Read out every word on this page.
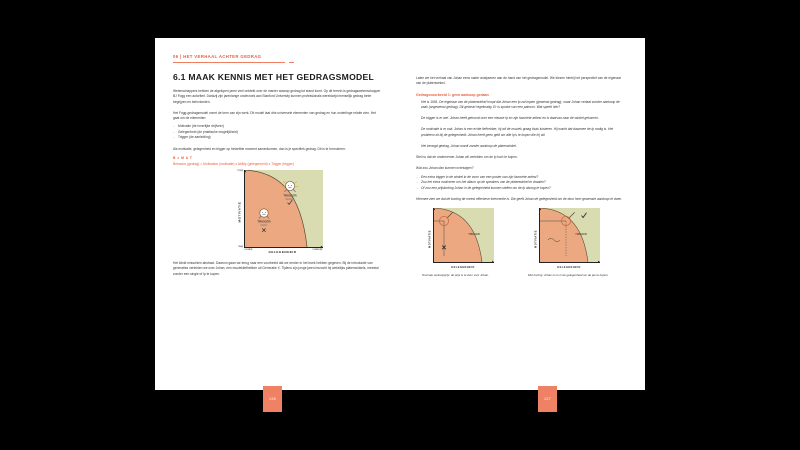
06 | HET VERHAAL ACHTER GEDRAG
6.1 MAAK KENNIS MET HET GEDRAGSMODEL

Wetenschappers hebben de afgelopen jaren veel ontdekt over de manier waarop gedrag tot stand komt. Op dit terrein is gedragswetenschapper BJ Fogg een autoriteit. Dankzij zijn jarenlange onderzoek aan Stanford University kunnen professionals wereldwijd menselijk gedrag beter begrijpen en beïnvloeden.

Het Fogg-gedragsmodel vormt de kern van zijn werk. Dit model laat drie universele elementen van gedrag en hun onderlinge relatie zien. Het gaat om de elementen:

- Motivatie (de innerlijke drijfveer)
- Gelegenheid (de praktische mogelijkheid)
- Trigger (de aanleiding)

Als motivatie, gelegenheid en trigger op hetzelfde moment samenkomen, dan is je specifiek gedrag. Dit is te formuleren:

B = M A T
Behavior (gedrag) = Motivation (motivatie) x Ability (gelegenheid) x Trigger (trigger)
MOTIVATIE
hoog
laag
moeilijk	makkelijk
TRIGGER
SLAAGT
TRIGGER
FAALT
GELEGENHEID

Het klinkt misschien abstract. Daarom gaan we terug naar een voorbeeld dat we eerder in het boek hebben gegeven. Bij de introductie van generaties vertelden we over Johan, een muziekliefhebber uit Generatie X. Tijdens zijn jonge jaren bezocht hij wekelijks platenwinkels, meestal zonder een single of lp te kopen.

126

Laten we het verhaal van Johan eens nader analyseren aan de hand van het gedragsmodel. We kiezen hierbij het perspectief van de eigenaar van de platenwinkel.

Gedragsvoorbeeld 1: geen aankoop gedaan

Het is 1991. De eigenaar van de platenwinkel hoopt dat Johan een lp zal kopen (gewenst gedrag), maar Johan verlaat zonder aankoop de zaak (ongewenst gedrag). Dit gebeurt regelmatig. Er is sprake van een patroon. Wat speelt hier?

De trigger is er wel. Johan heeft gehoord over een nieuwe lp en zijn favoriete artiest en is daarvan naar de winkel gekomen.

De motivatie is er ook: Johan is een echte liefhebber, hij wil de muziek graag thuis luisteren. Hij wacht dat daarmee de lp nodig is. Het probleem zit bij de gelegenheid: Johan heeft geen geld om alle lp's te kopen die hij wil.

Het beoogd gedrag, Johan wordt zonder aankoop de platenwinkel.

Stel nu dat de ondernemer Johan wil verleiden om de lp toch te kopen.

Wat zou Johan dan kunnen overtuigen?

- Een extra trigger in de winkel in de vorm van een poster van zijn favoriete artiest?
- Zou het extra motiveren om het album op de speakers van de platenwinkel te draaien?
- Of zou een prijskorting Johan in de gelegenheid kunnen stellen om de lp alsnog te kopen?

Hiermee zien we dat de korting de meest effectieve interventie is. Die geeft Johan de gelegenheid om de door hem gewenste aankoop te doen.

MOTIVATIE	TRIGGER
GELEGENHEID
Normale verkoopprijs: de prijs is te duur voor Johan.
MOTIVATIE	TRIGGER
GELEGENHEID
Met korting: Johan is nu in de gelegenheid om de jas te kopen.
127
